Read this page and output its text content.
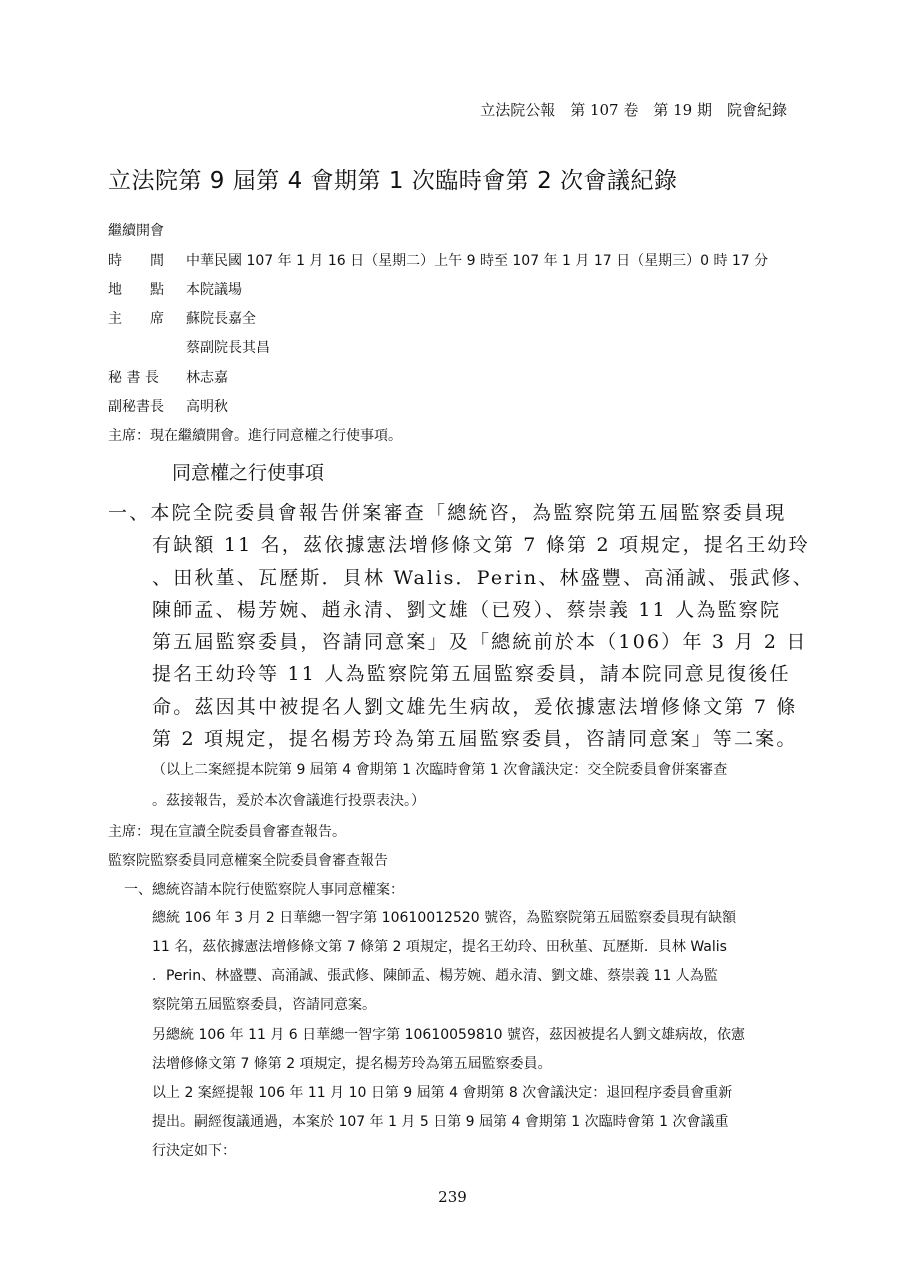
立法院公報　第 107 卷　第 19 期　院會紀錄
立法院第 9 屆第 4 會期第 1 次臨時會第 2 次會議紀錄
繼續開會
時　　間 中華民國 107 年 1 月 16 日（星期二）上午 9 時至 107 年 1 月 17 日（星期三）0 時 17 分
地　　點 本院議場
主　　席 蘇院長嘉全
蔡副院長其昌
秘 書 長 林志嘉
副秘書長 高明秋
主席：現在繼續開會。進行同意權之行使事項。
同意權之行使事項
一、本院全院委員會報告併案審查「總統咨，為監察院第五屆監察委員現
有缺額 11 名，茲依據憲法增修條文第 7 條第 2 項規定，提名王幼玲
、田秋堇、瓦歷斯．貝林 Walis．Perin、林盛豐、高涌誠、張武修、
陳師孟、楊芳婉、趙永清、劉文雄（已歿）、蔡崇義 11 人為監察院
第五屆監察委員，咨請同意案」及「總統前於本（106）年 3 月 2 日
提名王幼玲等 11 人為監察院第五屆監察委員，請本院同意見復後任
命。茲因其中被提名人劉文雄先生病故，爰依據憲法增修條文第 7 條
第 2 項規定，提名楊芳玲為第五屆監察委員，咨請同意案」等二案。
（以上二案經提本院第 9 屆第 4 會期第 1 次臨時會第 1 次會議決定：交全院委員會併案審查
。茲接報告，爰於本次會議進行投票表決。）
主席：現在宣讀全院委員會審查報告。
監察院監察委員同意權案全院委員會審查報告
一、總統咨請本院行使監察院人事同意權案：
總統 106 年 3 月 2 日華總一智字第 10610012520 號咨，為監察院第五屆監察委員現有缺額
11 名，茲依據憲法增修條文第 7 條第 2 項規定，提名王幼玲、田秋堇、瓦歷斯．貝林 Walis
．Perin、林盛豐、高涌誠、張武修、陳師孟、楊芳婉、趙永清、劉文雄、蔡崇義 11 人為監
察院第五屆監察委員，咨請同意案。
另總統 106 年 11 月 6 日華總一智字第 10610059810 號咨，茲因被提名人劉文雄病故，依憲
法增修條文第 7 條第 2 項規定，提名楊芳玲為第五屆監察委員。
以上 2 案經提報 106 年 11 月 10 日第 9 屆第 4 會期第 8 次會議決定：退回程序委員會重新
提出。嗣經復議通過，本案於 107 年 1 月 5 日第 9 屆第 4 會期第 1 次臨時會第 1 次會議重
行決定如下：
239
